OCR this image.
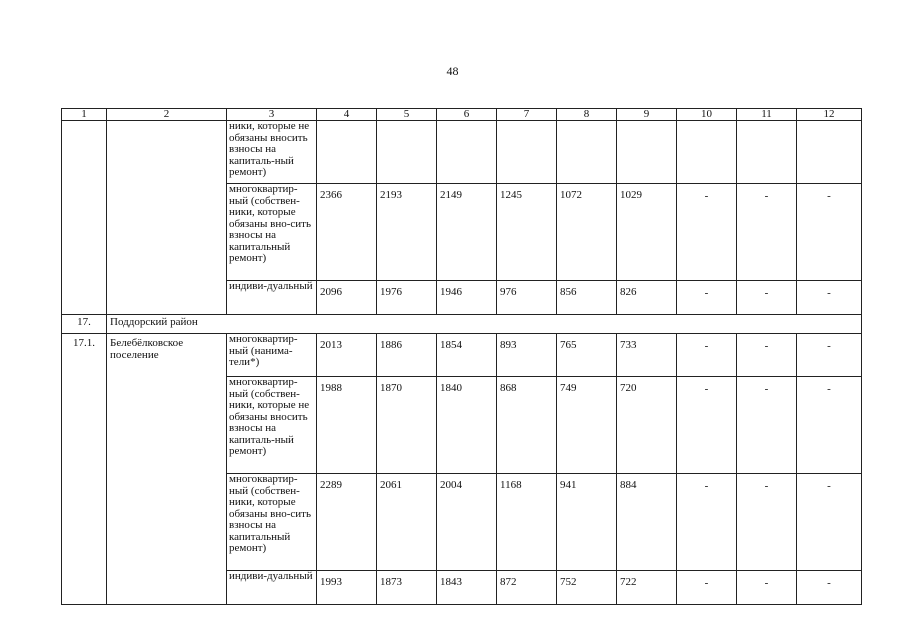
48
1	2	3	4	5	6	7	8	9	10	11	12
		ники, которые не обязаны вносить взносы на капиталь-ный ремонт)									
		многоквартир-ный (собствен-ники, которые обязаны вно-сить взносы на капитальный ремонт)	2366	2193	2149	1245	1072	1029	-	-	-
		индиви-дуальный	2096	1976	1946	976	856	826	-	-	-
17.	Поддорский район										
17.1.	Белебёлковское поселение	многоквартир-ный (нанима-тели*)	2013	1886	1854	893	765	733	-	-	-
		многоквартир-ный (собствен-ники, которые не обязаны вносить взносы на капиталь-ный ремонт)	1988	1870	1840	868	749	720	-	-	-
		многоквартир-ный (собствен-ники, которые обязаны вно-сить взносы на капитальный ремонт)	2289	2061	2004	1168	941	884	-	-	-
		индиви-дуальный	1993	1873	1843	872	752	722	-	-	-
